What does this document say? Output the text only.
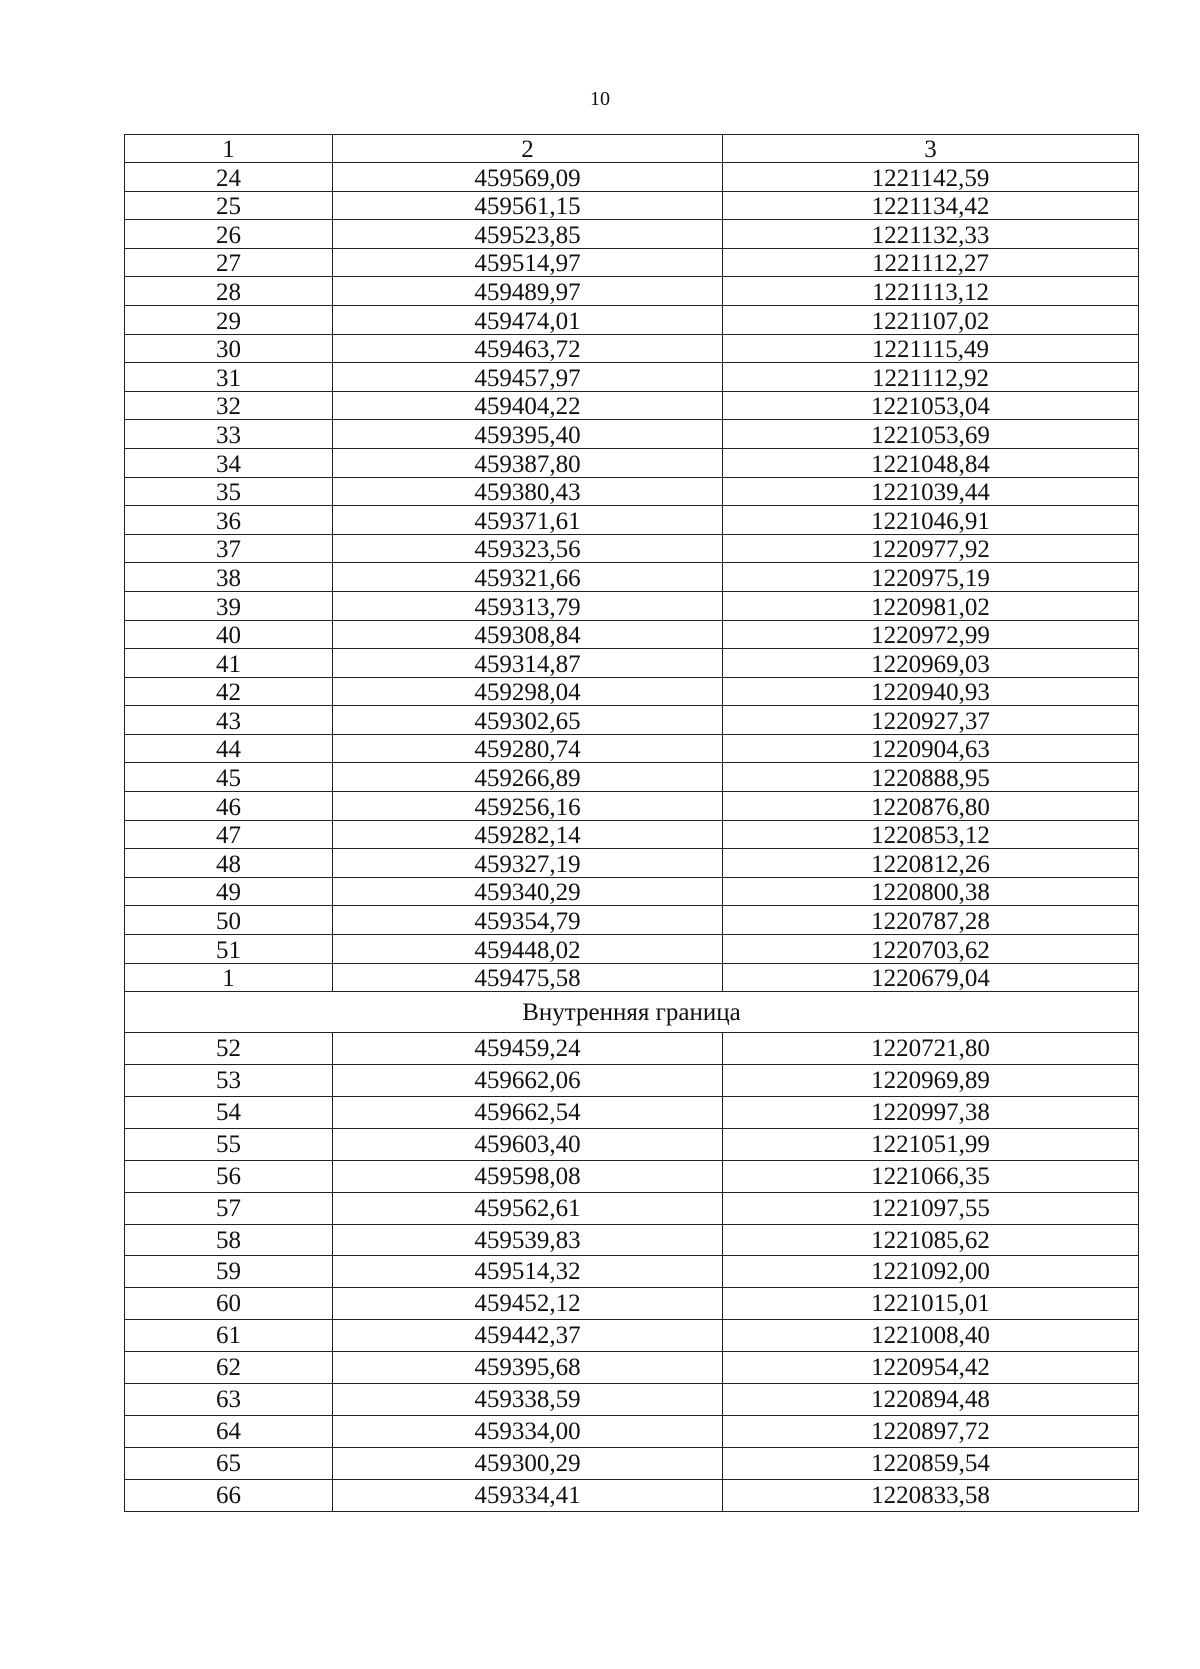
10
1	2	3
24	459569,09	1221142,59
25	459561,15	1221134,42
26	459523,85	1221132,33
27	459514,97	1221112,27
28	459489,97	1221113,12
29	459474,01	1221107,02
30	459463,72	1221115,49
31	459457,97	1221112,92
32	459404,22	1221053,04
33	459395,40	1221053,69
34	459387,80	1221048,84
35	459380,43	1221039,44
36	459371,61	1221046,91
37	459323,56	1220977,92
38	459321,66	1220975,19
39	459313,79	1220981,02
40	459308,84	1220972,99
41	459314,87	1220969,03
42	459298,04	1220940,93
43	459302,65	1220927,37
44	459280,74	1220904,63
45	459266,89	1220888,95
46	459256,16	1220876,80
47	459282,14	1220853,12
48	459327,19	1220812,26
49	459340,29	1220800,38
50	459354,79	1220787,28
51	459448,02	1220703,62
1	459475,58	1220679,04
Внутренняя граница		
52	459459,24	1220721,80
53	459662,06	1220969,89
54	459662,54	1220997,38
55	459603,40	1221051,99
56	459598,08	1221066,35
57	459562,61	1221097,55
58	459539,83	1221085,62
59	459514,32	1221092,00
60	459452,12	1221015,01
61	459442,37	1221008,40
62	459395,68	1220954,42
63	459338,59	1220894,48
64	459334,00	1220897,72
65	459300,29	1220859,54
66	459334,41	1220833,58
